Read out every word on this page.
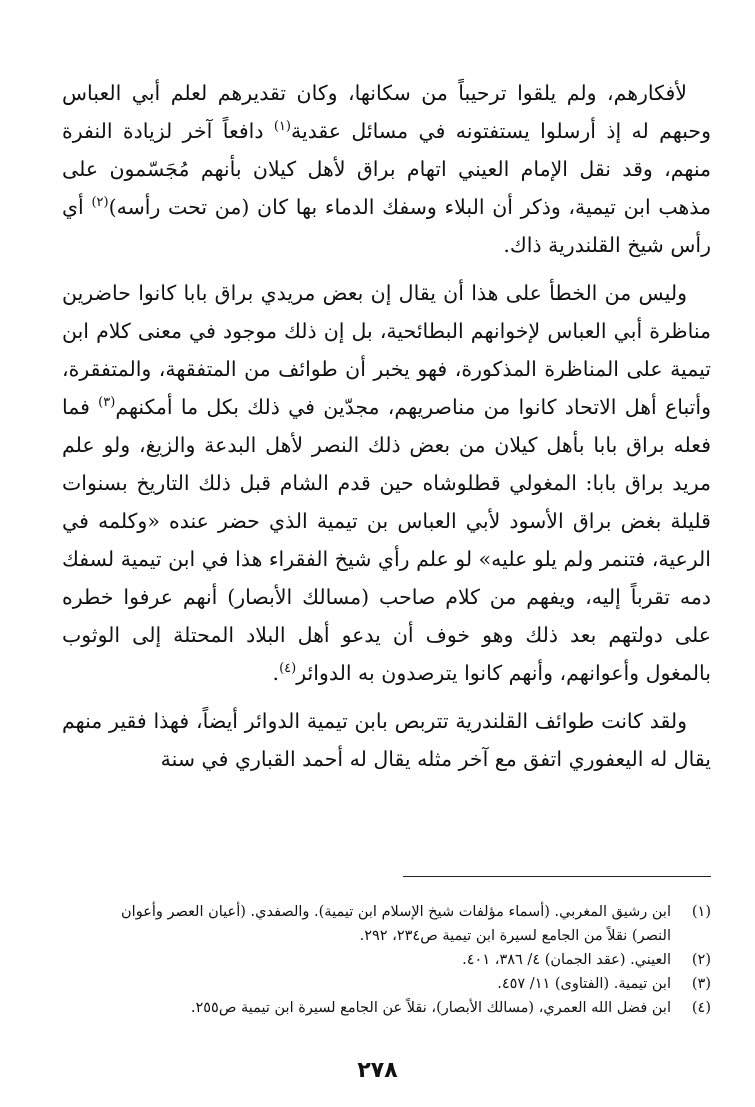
لأفكارهم، ولم يلقوا ترحيباً من سكانها، وكان تقديرهم لعلم أبي العباس وحبهم له إذ أرسلوا يستفتونه في مسائل عقدية$^{(١)}$ دافعاً آخر لزيادة النفرة منهم، وقد نقل الإمام العيني اتهام براق لأهل كيلان بأنهم مُجَسّمون على مذهب ابن تيمية، وذكر أن البلاء وسفك الدماء بها كان (من تحت رأسه)$^{(٢)}$ أي رأس شيخ القلندرية ذاك.

وليس من الخطأ على هذا أن يقال إن بعض مريدي براق بابا كانوا حاضرين مناظرة أبي العباس لإخوانهم البطائحية، بل إن ذلك موجود في معنى كلام ابن تيمية على المناظرة المذكورة، فهو يخبر أن طوائف من المتفقهة، والمتفقرة، وأتباع أهل الاتحاد كانوا من مناصريهم، مجدّين في ذلك بكل ما أمكنهم$^{(٣)}$ فما فعله براق بابا بأهل كيلان من بعض ذلك النصر لأهل البدعة والزيغ، ولو علم مريد براق بابا: المغولي قطلوشاه حين قدم الشام قبل ذلك التاريخ بسنوات قليلة بغض براق الأسود لأبي العباس بن تيمية الذي حضر عنده «وكلمه في الرعية، فتنمر ولم يلو عليه» لو علم رأي شيخ الفقراء هذا في ابن تيمية لسفك دمه تقرباً إليه، ويفهم من كلام صاحب (مسالك الأبصار) أنهم عرفوا خطره على دولتهم بعد ذلك وهو خوف أن يدعو أهل البلاد المحتلة إلى الوثوب بالمغول وأعوانهم، وأنهم كانوا يترصدون به الدوائر$^{(٤)}$.

ولقد كانت طوائف القلندرية تتربص بابن تيمية الدوائر أيضاً، فهذا فقير منهم يقال له اليعفوري اتفق مع آخر مثله يقال له أحمد القباري في سنة

(١)
ابن رشيق المغربي. (أسماء مؤلفات شيخ الإسلام ابن تيمية). والصفدي. (أعيان العصر وأعوان النصر) نقلاً من الجامع لسيرة ابن تيمية ص٢٣٤، ٢٩٢.

(٢)
العيني. (عقد الجمان) ٤/ ٣٨٦، ٤٠١.

(٣)
ابن تيمية. (الفتاوى) ١١/ ٤٥٧.

(٤)
ابن فضل الله العمري، (مسالك الأبصار)، نقلاً عن الجامع لسيرة ابن تيمية ص٢٥٥.

٢٧٨
